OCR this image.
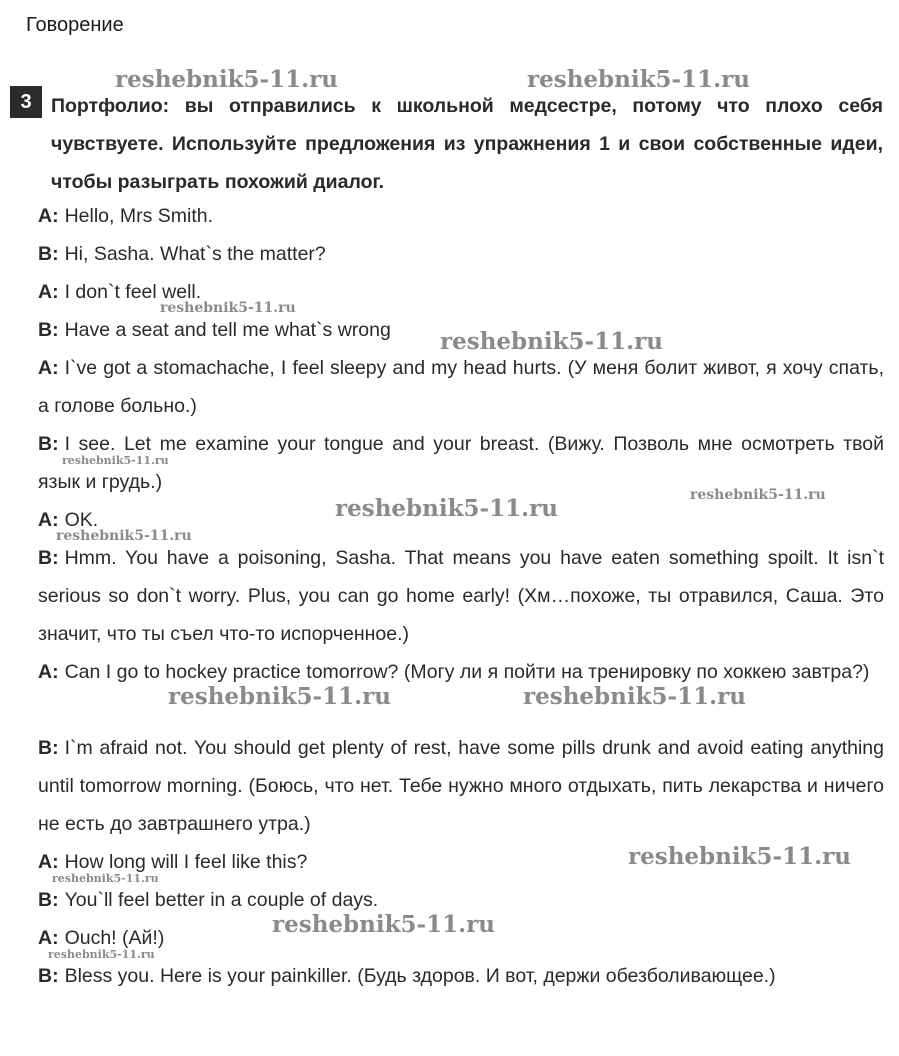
Говорение
3 Портфолио: вы отправились к школьной медсестре, потому что плохо себя чувствуете. Используйте предложения из упражнения 1 и свои собственные идеи, чтобы разыграть похожий диалог.
A: Hello, Mrs Smith.
B: Hi, Sasha. What`s the matter?
A: I don`t feel well.
B: Have a seat and tell me what`s wrong
A: I`ve got a stomachache, I feel sleepy and my head hurts. (У меня болит живот, я хочу спать, а голове больно.)
B: I see. Let me examine your tongue and your breast. (Вижу. Позволь мне осмотреть твой язык и грудь.)
A: OK.
B: Hmm. You have a poisoning, Sasha. That means you have eaten something spoilt. It isn`t serious so don`t worry. Plus, you can go home early! (Хм…похоже, ты отравился, Саша. Это значит, что ты съел что-то испорченное.)
A: Can I go to hockey practice tomorrow? (Могу ли я пойти на тренировку по хоккею завтра?)
B: I`m afraid not. You should get plenty of rest, have some pills drunk and avoid eating anything until tomorrow morning. (Боюсь, что нет. Тебе нужно много отдыхать, пить лекарства и ничего не есть до завтрашнего утра.)
A: How long will I feel like this?
B: You`ll feel better in a couple of days.
A: Ouch! (Ай!)
B: Bless you. Here is your painkiller. (Будь здоров. И вот, держи обезболивающее.)
reshebnik5-11.ru	reshebnik5-11.ru
reshebnik5-11.ru
reshebnik5-11.ru
reshebnik5-11.ru
reshebnik5-11.ru
reshebnik5-11.ru
reshebnik5-11.ru
reshebnik5-11.ru	reshebnik5-11.ru
reshebnik5-11.ru
reshebnik5-11.ru
reshebnik5-11.ru
reshebnik5-11.ru
